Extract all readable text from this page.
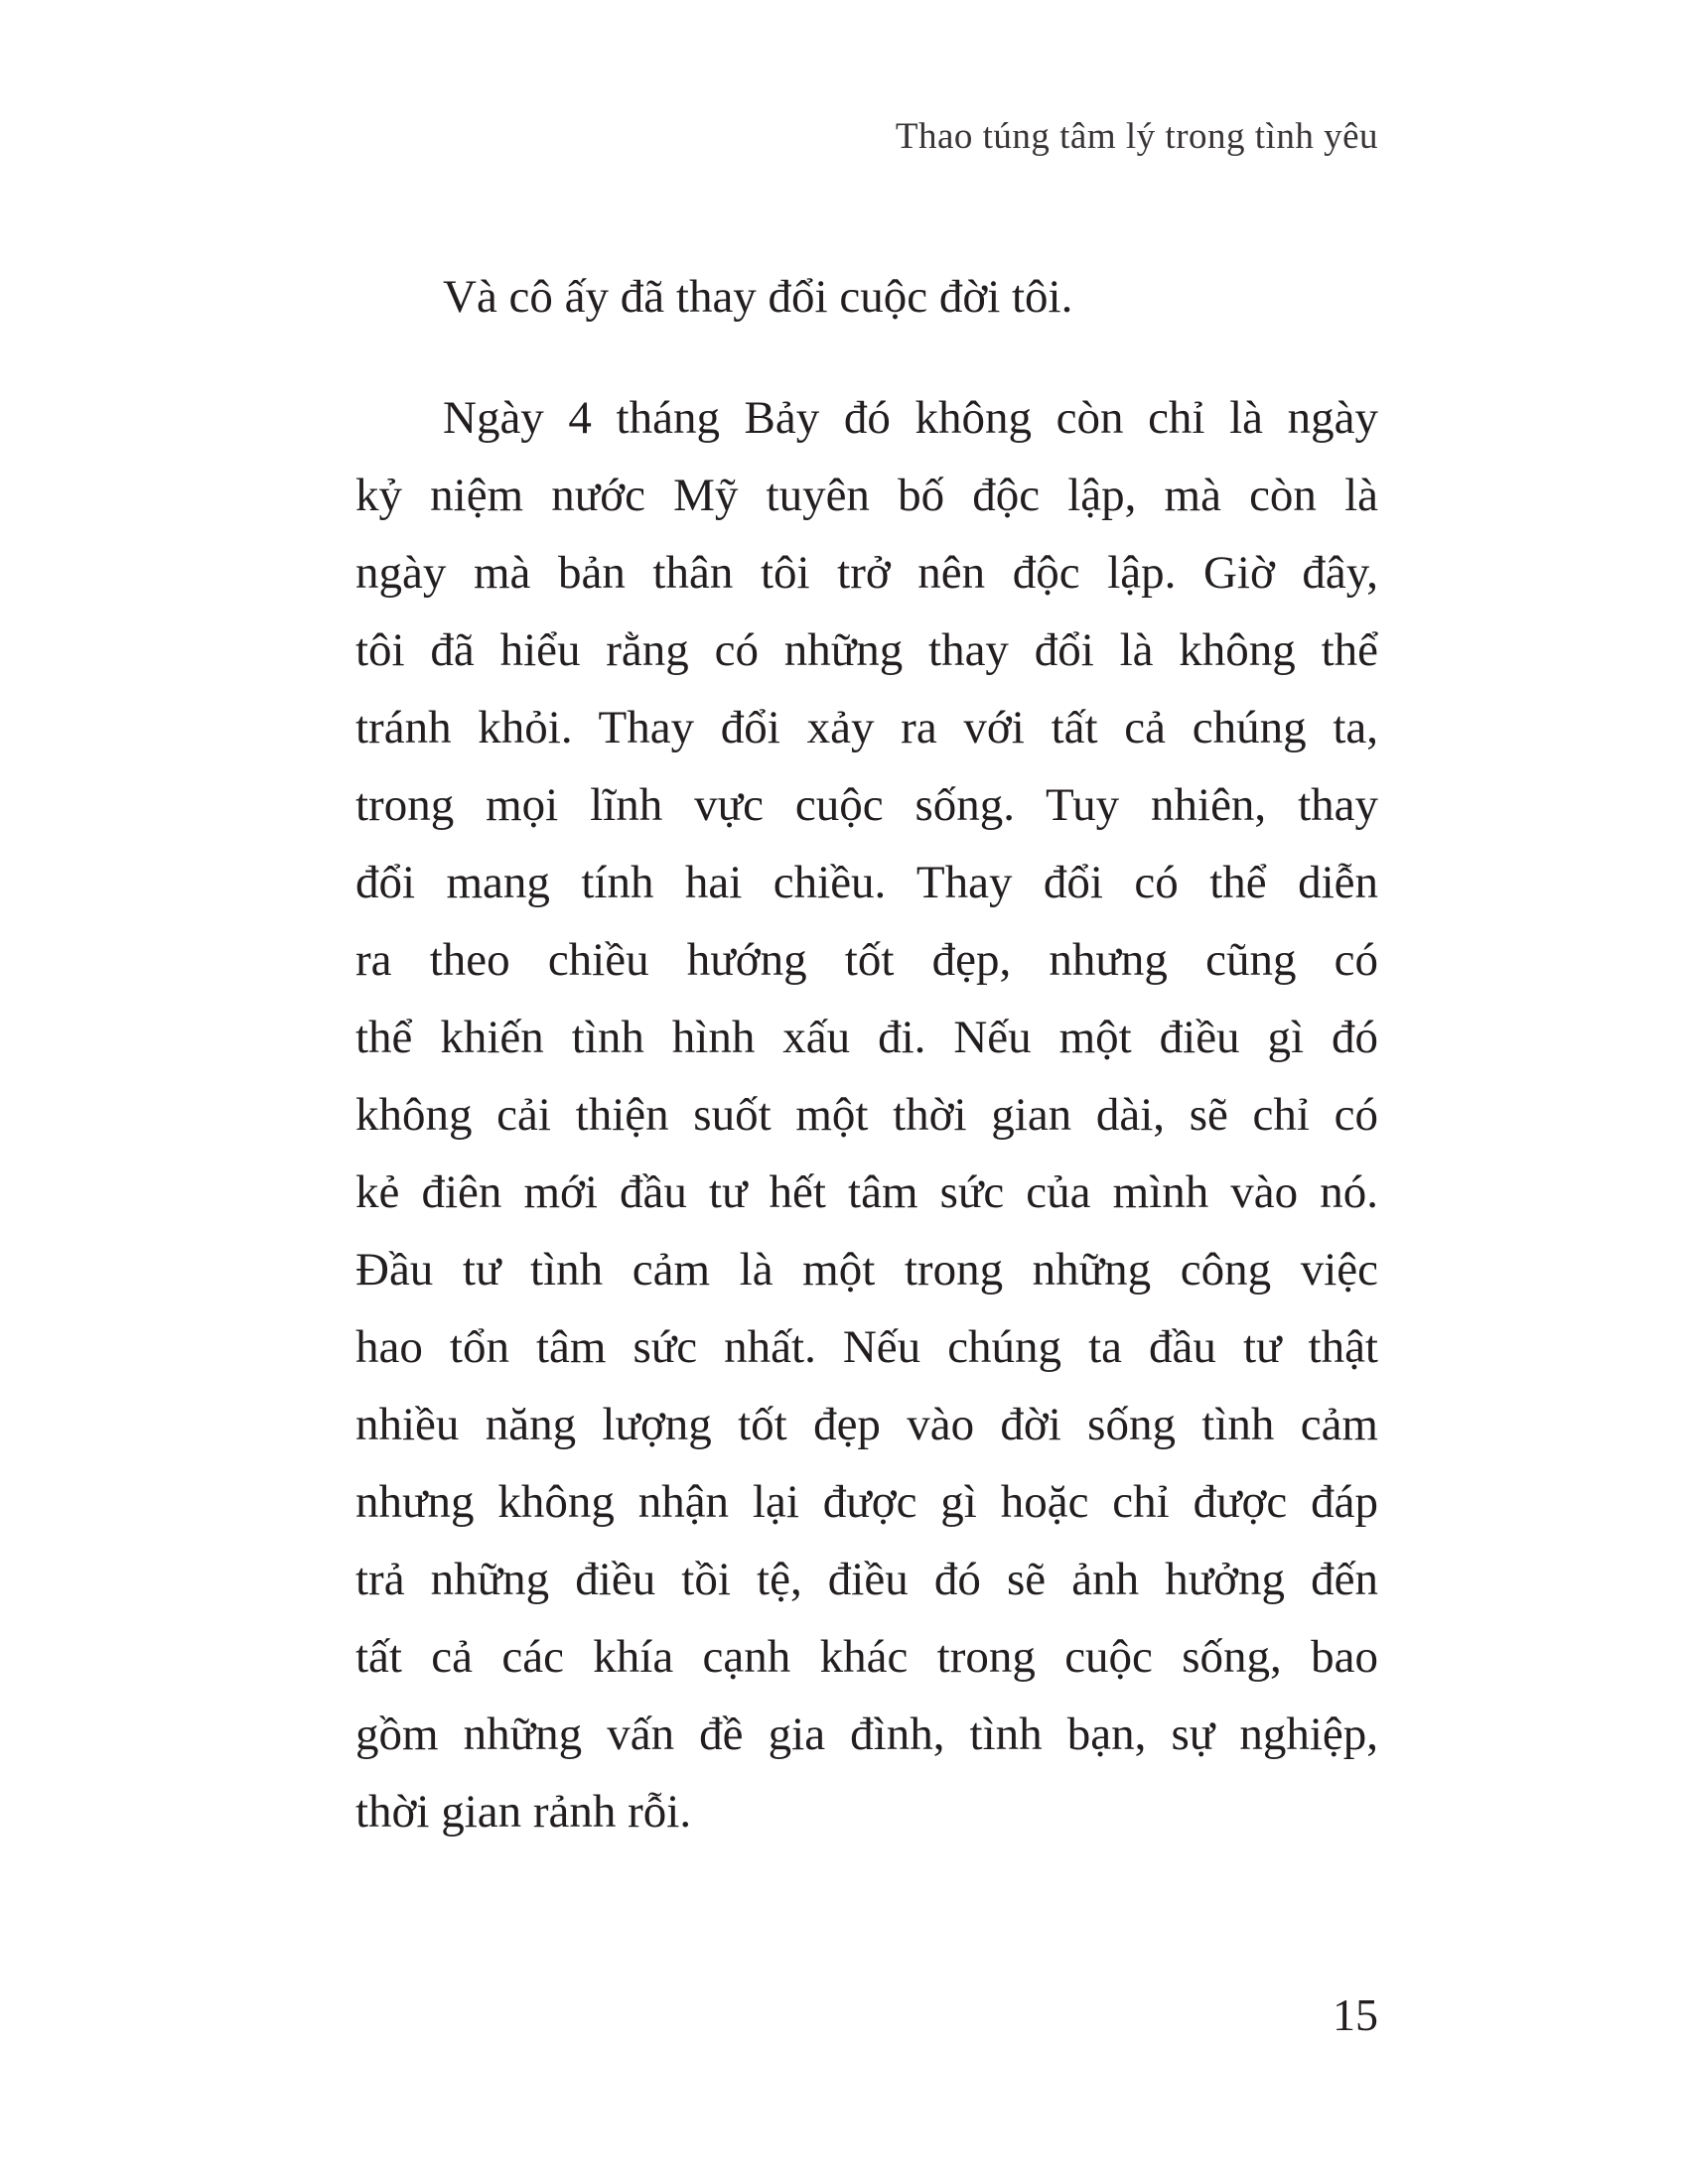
Thao túng tâm lý trong tình yêu
Và cô ấy đã thay đổi cuộc đời tôi.
Ngày 4 tháng Bảy đó không còn chỉ là ngày
kỷ niệm nước Mỹ tuyên bố độc lập, mà còn là
ngày mà bản thân tôi trở nên độc lập. Giờ đây,
tôi đã hiểu rằng có những thay đổi là không thể
tránh khỏi. Thay đổi xảy ra với tất cả chúng ta,
trong mọi lĩnh vực cuộc sống. Tuy nhiên, thay
đổi mang tính hai chiều. Thay đổi có thể diễn
ra theo chiều hướng tốt đẹp, nhưng cũng có
thể khiến tình hình xấu đi. Nếu một điều gì đó
không cải thiện suốt một thời gian dài, sẽ chỉ có
kẻ điên mới đầu tư hết tâm sức của mình vào nó.
Đầu tư tình cảm là một trong những công việc
hao tổn tâm sức nhất. Nếu chúng ta đầu tư thật
nhiều năng lượng tốt đẹp vào đời sống tình cảm
nhưng không nhận lại được gì hoặc chỉ được đáp
trả những điều tồi tệ, điều đó sẽ ảnh hưởng đến
tất cả các khía cạnh khác trong cuộc sống, bao
gồm những vấn đề gia đình, tình bạn, sự nghiệp,
thời gian rảnh rỗi.
15
